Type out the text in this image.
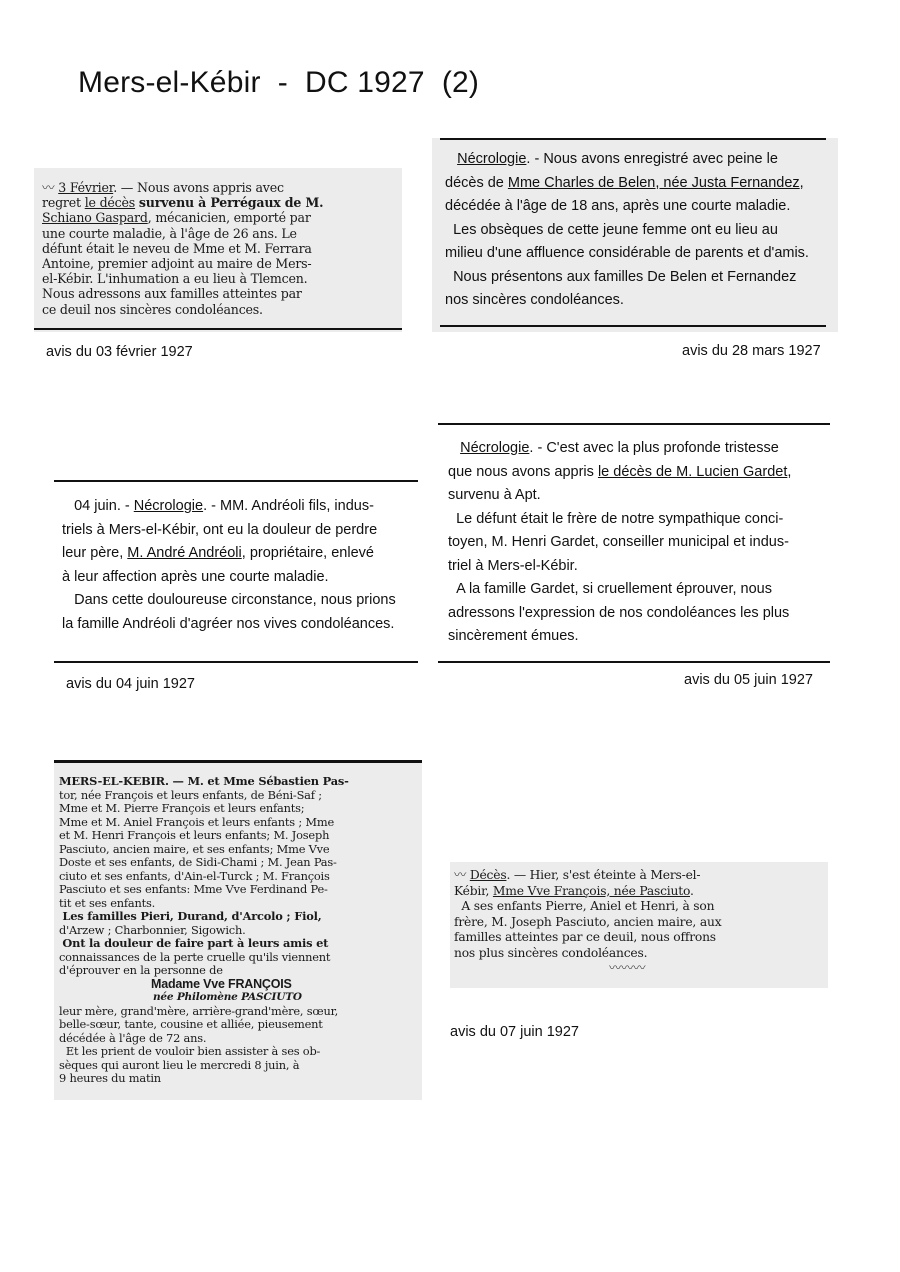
Mers-el-Kébir  -  DC 1927  (2)
〰 3 Février. — Nous avons appris avec
regret le décès survenu à Perrégaux de M.
Schiano Gaspard, mécanicien, emporté par
une courte maladie, à l'âge de 26 ans. Le
défunt était le neveu de Mme et M. Ferrara
Antoine, premier adjoint au maire de Mers-
el-Kébir. L'inhumation a eu lieu à Tlemcen.
Nous adressons aux familles atteintes par
ce deuil nos sincères condoléances.
avis du 03 février 1927
Nécrologie. - Nous avons enregistré avec peine le
décès de Mme Charles de Belen, née Justa Fernandez,
décédée à l'âge de 18 ans, après une courte maladie.
Les obsèques de cette jeune femme ont eu lieu au
milieu d'une affluence considérable de parents et d'amis.
Nous présentons aux familles De Belen et Fernandez
nos sincères condoléances.
avis du 28 mars 1927
04 juin. - Nécrologie. - MM. Andréoli fils, indus-
triels à Mers-el-Kébir, ont eu la douleur de perdre
leur père, M. André Andréoli, propriétaire, enlevé
à leur affection après une courte maladie.
Dans cette douloureuse circonstance, nous prions
la famille Andréoli d'agréer nos vives condoléances.
avis du 04 juin 1927
Nécrologie. - C'est avec la plus profonde tristesse
que nous avons appris le décès de M. Lucien Gardet,
survenu à Apt.
Le défunt était le frère de notre sympathique conci-
toyen, M. Henri Gardet, conseiller municipal et indus-
triel à Mers-el-Kébir.
A la famille Gardet, si cruellement éprouver, nous
adressons l'expression de nos condoléances les plus
sincèrement émues.
avis du 05 juin 1927
MERS-EL-KEBIR. — M. et Mme Sébastien Pas-
tor, née François et leurs enfants, de Béni-Saf ;
Mme et M. Pierre François et leurs enfants;
Mme et M. Aniel François et leurs enfants ; Mme
et M. Henri François et leurs enfants; M. Joseph
Pasciuto, ancien maire, et ses enfants; Mme Vve
Doste et ses enfants, de Sidi-Chami ; M. Jean Pas-
ciuto et ses enfants, d'Ain-el-Turck ; M. François
Pasciuto et ses enfants: Mme Vve Ferdinand Pe-
tit et ses enfants.
Les familles Pieri, Durand, d'Arcolo ; Fiol,
d'Arzew ; Charbonnier, Sigowich.
Ont la douleur de faire part à leurs amis et
connaissances de la perte cruelle qu'ils viennent
d'éprouver en la personne de
Madame Vve FRANÇOIS
née Philomène PASCIUTO
leur mère, grand'mère, arrière-grand'mère, sœur,
belle-sœur, tante, cousine et alliée, pieusement
décédée à l'âge de 72 ans.
Et les prient de vouloir bien assister à ses ob-
sèques qui auront lieu le mercredi 8 juin, à
9 heures du matin
〰 Décès. — Hier, s'est éteinte à Mers-el-
Kébir, Mme Vve François, née Pasciuto.
A ses enfants Pierre, Aniel et Henri, à son
frère, M. Joseph Pasciuto, ancien maire, aux
familles atteintes par ce deuil, nous offrons
nos plus sincères condoléances.
〰〰〰
avis du 07 juin 1927
